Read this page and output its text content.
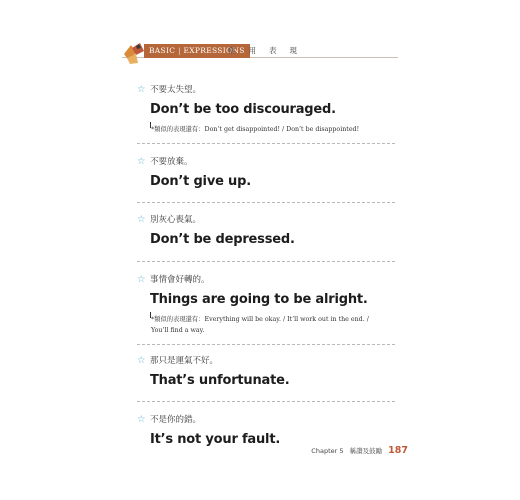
BASIC | EXPRESSIONS
常用表現
☆ 不要太失望。
Don’t be too discouraged.
*類似的表現還有：Don’t get disappointed! / Don’t be disappointed!
☆ 不要放棄。
Don’t give up.
☆ 別灰心喪氣。
Don’t be depressed.
☆ 事情會好轉的。
Things are going to be alright.
*類似的表現還有：Everything will be okay. / It’ll work out in the end. / You’ll find a way.
☆ 那只是運氣不好。
That’s unfortunate.
☆ 不是你的錯。
It’s not your fault.
Chapter 5 稱讚及鼓勵 187
